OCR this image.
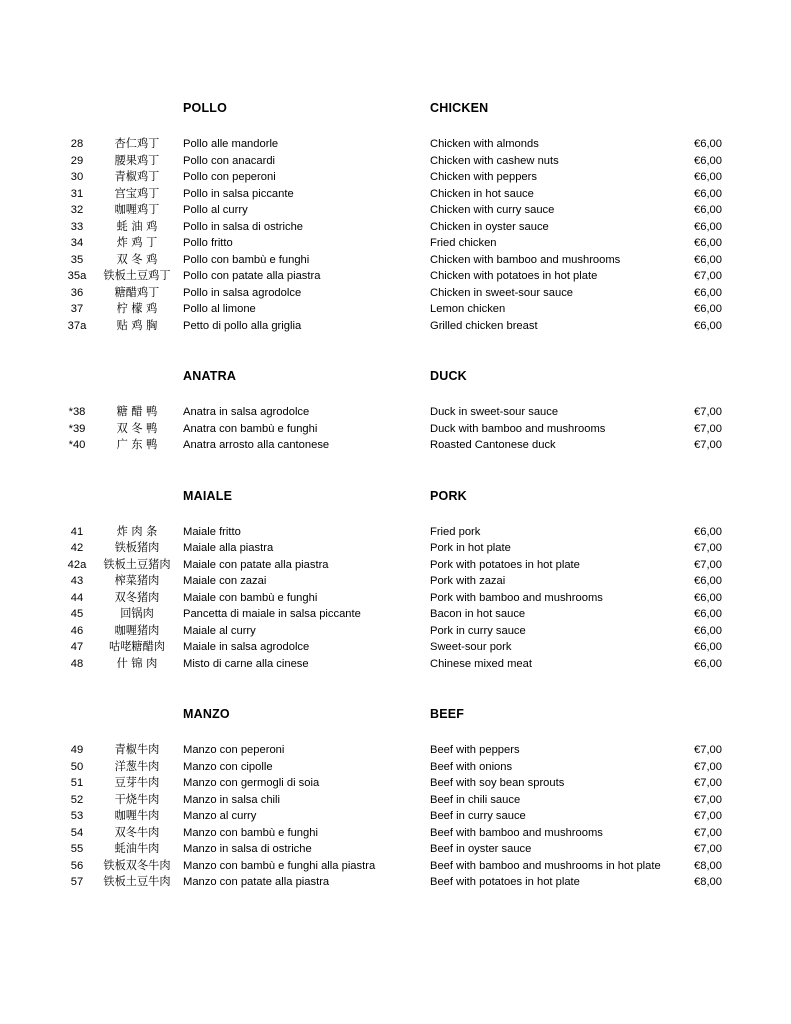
POLLO	CHICKEN
28	杏仁鸡丁	Pollo alle mandorle	Chicken with almonds	€6,00
29	腰果鸡丁	Pollo con anacardi	Chicken with cashew nuts	€6,00
30	青椒鸡丁	Pollo con peperoni	Chicken with peppers	€6,00
31	宫宝鸡丁	Pollo in salsa piccante	Chicken in hot sauce	€6,00
32	咖喱鸡丁	Pollo al curry	Chicken with curry sauce	€6,00
33	蚝 油 鸡	Pollo in salsa di ostriche	Chicken in oyster sauce	€6,00
34	炸 鸡 丁	Pollo fritto	Fried chicken	€6,00
35	双 冬 鸡	Pollo con bambù e funghi	Chicken with bamboo and mushrooms	€6,00
35a	铁板土豆鸡丁	Pollo con patate alla piastra	Chicken with potatoes in hot plate	€7,00
36	糖醋鸡丁	Pollo in salsa agrodolce	Chicken in sweet-sour sauce	€6,00
37	柠 檬 鸡	Pollo al limone	Lemon chicken	€6,00
37a	贴 鸡 胸	Petto di pollo alla griglia	Grilled chicken breast	€6,00
ANATRA	DUCK
*38	糖 醋 鸭	Anatra in salsa agrodolce	Duck in sweet-sour sauce	€7,00
*39	双 冬 鸭	Anatra con bambù e funghi	Duck with bamboo and mushrooms	€7,00
*40	广 东 鸭	Anatra arrosto alla cantonese	Roasted Cantonese duck	€7,00
MAIALE	PORK
41	炸 肉 条	Maiale fritto	Fried pork	€6,00
42	铁板猪肉	Maiale alla piastra	Pork in hot plate	€7,00
42a	铁板土豆猪肉	Maiale con patate alla piastra	Pork with potatoes in hot plate	€7,00
43	榨菜猪肉	Maiale con zazai	Pork with zazai	€6,00
44	双冬猪肉	Maiale con bambù e funghi	Pork with bamboo and mushrooms	€6,00
45	回锅肉	Pancetta di maiale in salsa piccante	Bacon in hot sauce	€6,00
46	咖喱猪肉	Maiale al curry	Pork in curry sauce	€6,00
47	咕咾糖醋肉	Maiale in salsa agrodolce	Sweet-sour pork	€6,00
48	什 锦 肉	Misto di carne alla cinese	Chinese mixed meat	€6,00
MANZO	BEEF
49	青椒牛肉	Manzo con peperoni	Beef with peppers	€7,00
50	洋葱牛肉	Manzo con cipolle	Beef with onions	€7,00
51	豆芽牛肉	Manzo con germogli di soia	Beef with soy bean sprouts	€7,00
52	干烧牛肉	Manzo in salsa chili	Beef in chili sauce	€7,00
53	咖喱牛肉	Manzo al curry	Beef in curry sauce	€7,00
54	双冬牛肉	Manzo con bambù e funghi	Beef with bamboo and mushrooms	€7,00
55	蚝油牛肉	Manzo in salsa di ostriche	Beef in oyster sauce	€7,00
56	铁板双冬牛肉	Manzo con bambù e funghi alla piastra	Beef with bamboo and mushrooms in hot plate	€8,00
57	铁板土豆牛肉	Manzo con patate alla piastra	Beef with potatoes in hot plate	€8,00
